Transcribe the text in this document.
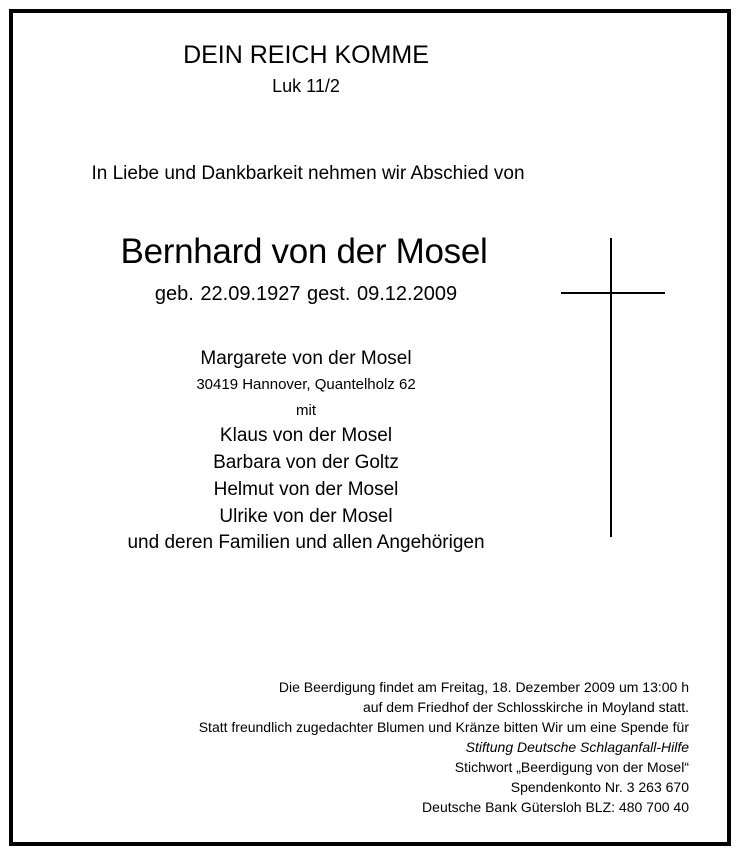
DEIN REICH KOMME
Luk 11/2
In Liebe und Dankbarkeit nehmen wir Abschied von
Bernhard von der Mosel
geb. 22.09.1927 gest. 09.12.2009
Margarete von der Mosel
30419 Hannover, Quantelholz 62
mit
Klaus von der Mosel
Barbara von der Goltz
Helmut von der Mosel
Ulrike von der Mosel
und deren Familien und allen Angehörigen
Die Beerdigung findet am Freitag, 18. Dezember 2009 um 13:00 h
auf dem Friedhof der Schlosskirche in Moyland statt.
Statt freundlich zugedachter Blumen und Kränze bitten Wir um eine Spende für
Stiftung Deutsche Schlaganfall-Hilfe
Stichwort „Beerdigung von der Mosel“
Spendenkonto Nr. 3 263 670
Deutsche Bank Gütersloh BLZ: 480 700 40
